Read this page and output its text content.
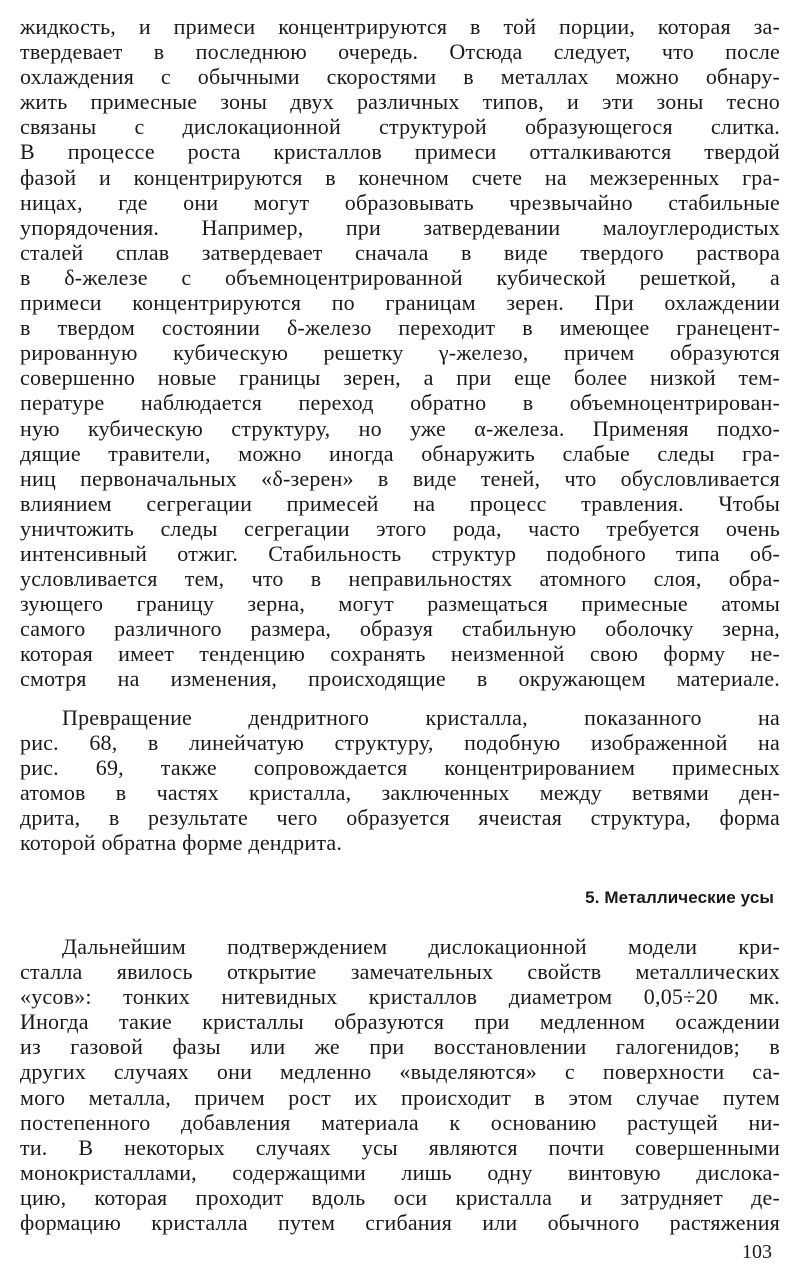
жидкость, и примеси концентрируются в той порции, которая за-
твердевает в последнюю очередь. Отсюда следует, что после
охлаждения с обычными скоростями в металлах можно обнару-
жить примесные зоны двух различных типов, и эти зоны тесно
связаны с дислокационной структурой образующегося слитка.
В процессе роста кристаллов примеси отталкиваются твердой
фазой и концентрируются в конечном счете на межзеренных гра-
ницах, где они могут образовывать чрезвычайно стабильные
упорядочения. Например, при затвердевании малоуглеродистых
сталей сплав затвердевает сначала в виде твердого раствора
в δ-железе с объемноцентрированной кубической решеткой, а
примеси концентрируются по границам зерен. При охлаждении
в твердом состоянии δ-железо переходит в имеющее гранецент-
рированную кубическую решетку γ-железо, причем образуются
совершенно новые границы зерен, а при еще более низкой тем-
пературе наблюдается переход обратно в объемноцентрирован-
ную кубическую структуру, но уже α-железа. Применяя подхо-
дящие травители, можно иногда обнаружить слабые следы гра-
ниц первоначальных «δ-зерен» в виде теней, что обусловливается
влиянием сегрегации примесей на процесс травления. Чтобы
уничтожить следы сегрегации этого рода, часто требуется очень
интенсивный отжиг. Стабильность структур подобного типа об-
условливается тем, что в неправильностях атомного слоя, обра-
зующего границу зерна, могут размещаться примесные атомы
самого различного размера, образуя стабильную оболочку зерна,
которая имеет тенденцию сохранять неизменной свою форму не-
смотря на изменения, происходящие в окружающем материале.
Превращение дендритного кристалла, показанного на
рис. 68, в линейчатую структуру, подобную изображенной на
рис. 69, также сопровождается концентрированием примесных
атомов в частях кристалла, заключенных между ветвями ден-
дрита, в результате чего образуется ячеистая структура, форма
которой обратна форме дендрита.
5. Металлические усы
Дальнейшим подтверждением дислокационной модели кри-
сталла явилось открытие замечательных свойств металлических
«усов»: тонких нитевидных кристаллов диаметром 0,05÷20 мк.
Иногда такие кристаллы образуются при медленном осаждении
из газовой фазы или же при восстановлении галогенидов; в
других случаях они медленно «выделяются» с поверхности са-
мого металла, причем рост их происходит в этом случае путем
постепенного добавления материала к основанию растущей ни-
ти. В некоторых случаях усы являются почти совершенными
монокристаллами, содержащими лишь одну винтовую дислока-
цию, которая проходит вдоль оси кристалла и затрудняет де-
формацию кристалла путем сгибания или обычного растяжения
103
